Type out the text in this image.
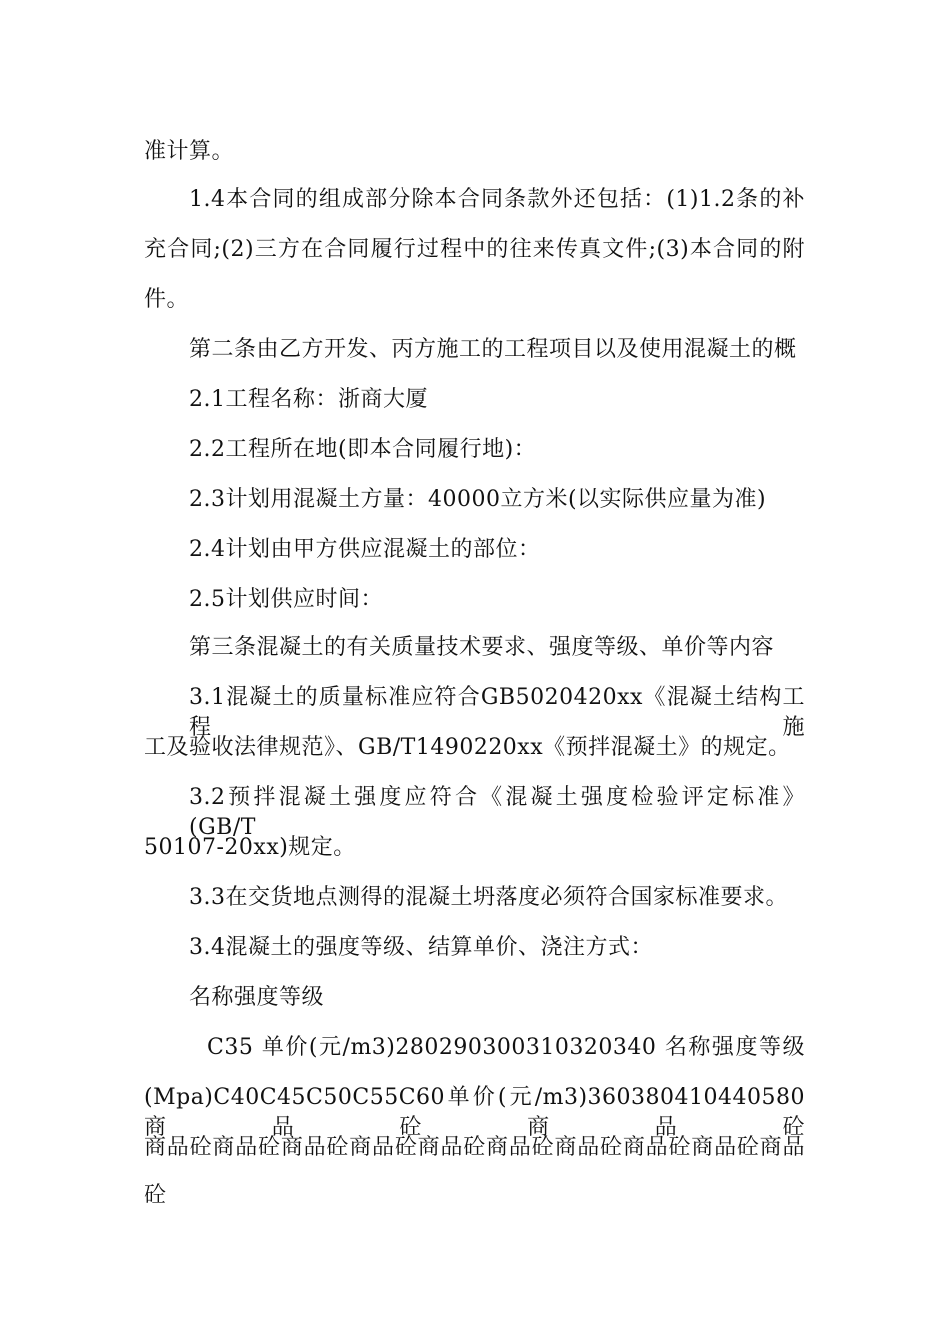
准计算。
1.4本合同的组成部分除本合同条款外还包括：(1)1.2条的补
充合同;(2)三方在合同履行过程中的往来传真文件;(3)本合同的附
件。
第二条由乙方开发、丙方施工的工程项目以及使用混凝土的概
2.1工程名称：浙商大厦
2.2工程所在地(即本合同履行地)：
2.3计划用混凝土方量：40000立方米(以实际供应量为准)
2.4计划由甲方供应混凝土的部位：
2.5计划供应时间：
第三条混凝土的有关质量技术要求、强度等级、单价等内容
3.1混凝土的质量标准应符合GB5020420xx《混凝土结构工程施
工及验收法律规范》、GB/T1490220xx《预拌混凝土》的规定。
3.2预拌混凝土强度应符合《混凝土强度检验评定标准》(GB/T
50107-20xx)规定。
3.3在交货地点测得的混凝土坍落度必须符合国家标准要求。
3.4混凝土的强度等级、结算单价、浇注方式：
名称强度等级
C35 单价(元/m3)280290300310320340 名称强度等级
(Mpa)C40C45C50C55C60单价(元/m3)360380410440580商品砼商品砼
商品砼商品砼商品砼商品砼商品砼商品砼商品砼商品砼商品砼商品
砼
